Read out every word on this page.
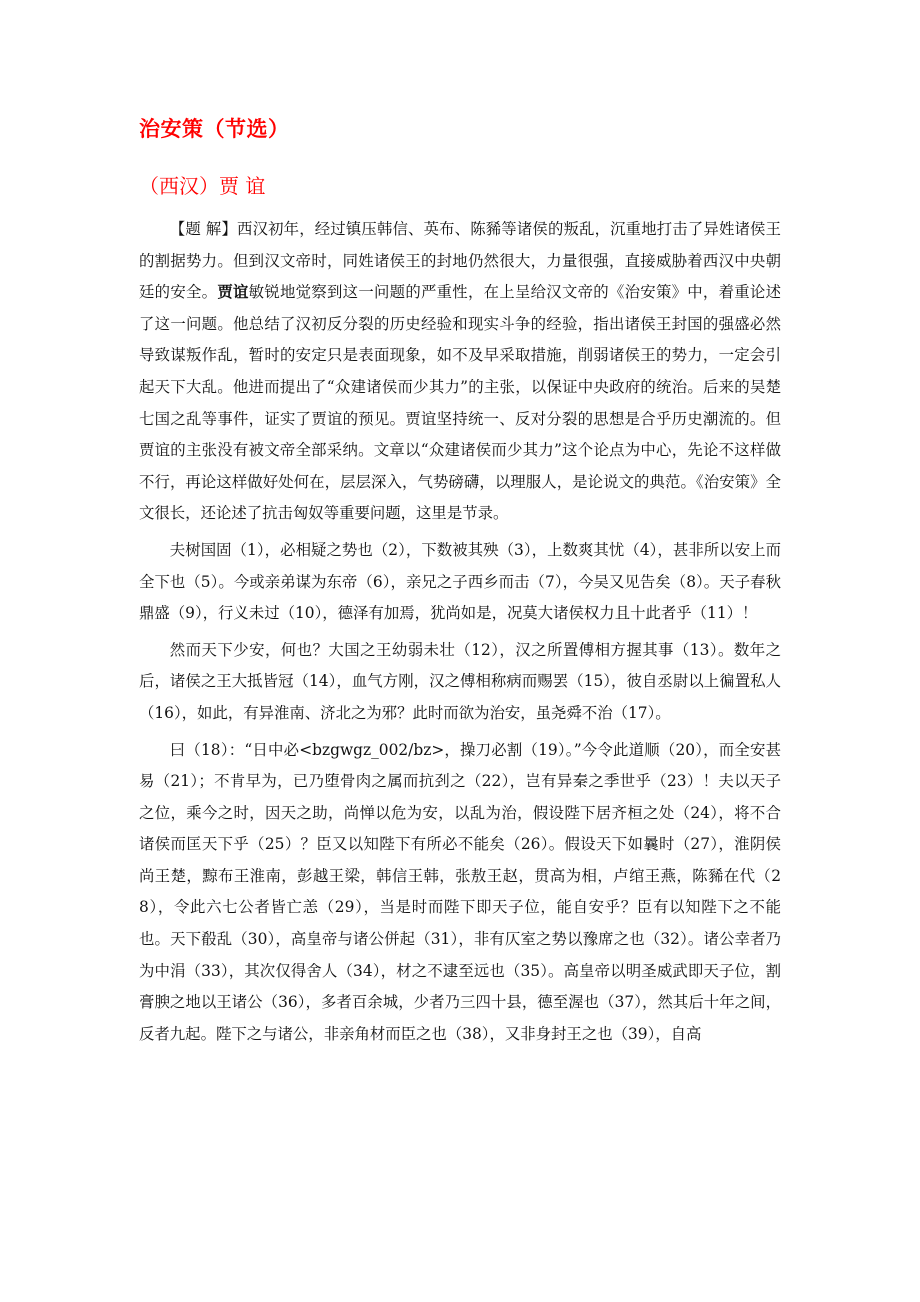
治安策（节选）
（西汉）贾 谊

【题 解】西汉初年，经过镇压韩信、英布、陈豨等诸侯的叛乱，沉重地打击了异姓诸侯王的割据势力。但到汉文帝时，同姓诸侯王的封地仍然很大，力量很强，直接威胁着西汉中央朝廷的安全。贾谊敏锐地觉察到这一问题的严重性，在上呈给汉文帝的《治安策》中，着重论述了这一问题。他总结了汉初反分裂的历史经验和现实斗争的经验，指出诸侯王封国的强盛必然导致谋叛作乱，暂时的安定只是表面现象，如不及早采取措施，削弱诸侯王的势力，一定会引起天下大乱。他进而提出了“众建诸侯而少其力”的主张，以保证中央政府的统治。后来的吴楚七国之乱等事件，证实了贾谊的预见。贾谊坚持统一、反对分裂的思想是合乎历史潮流的。但贾谊的主张没有被文帝全部采纳。文章以“众建诸侯而少其力”这个论点为中心，先论不这样做不行，再论这样做好处何在，层层深入，气势磅礴，以理服人，是论说文的典范。《治安策》全文很长，还论述了抗击匈奴等重要问题，这里是节录。

夫树国固（1），必相疑之势也（2），下数被其殃（3），上数爽其忧（4），甚非所以安上而全下也（5）。今或亲弟谋为东帝（6），亲兄之子西乡而击（7），今吴又见告矣（8）。天子春秋鼎盛（9），行义未过（10），德泽有加焉，犹尚如是，况莫大诸侯权力且十此者乎（11）！

然而天下少安，何也？大国之王幼弱未壮（12），汉之所置傅相方握其事（13）。数年之后，诸侯之王大抵皆冠（14），血气方刚，汉之傅相称病而赐罢（15），彼自丞尉以上徧置私人（16），如此，有异淮南、济北之为邪？此时而欲为治安，虽尧舜不治（17）。

曰（18）：“日中必<bzgwgz_002/bz>，操刀必割（19）。”今令此道顺（20），而全安甚易（21）；不肯早为，已乃堕骨肉之属而抗刭之（22），岂有异秦之季世乎（23）！夫以天子之位，乘今之时，因天之助，尚惮以危为安，以乱为治，假设陛下居齐桓之处（24），将不合诸侯而匡天下乎（25）？臣又以知陛下有所必不能矣（26）。假设天下如曩时（27），淮阴侯尚王楚，黥布王淮南，彭越王梁，韩信王韩，张敖王赵，贯高为相，卢绾王燕，陈豨在代（28），令此六七公者皆亡恙（29），当是时而陛下即天子位，能自安乎？臣有以知陛下之不能也。天下殽乱（30），高皇帝与诸公併起（31），非有仄室之势以豫席之也（32）。诸公幸者乃为中涓（33），其次仅得舍人（34），材之不逮至远也（35）。高皇帝以明圣威武即天子位，割膏腴之地以王诸公（36），多者百余城，少者乃三四十县，德至渥也（37），然其后十年之间，反者九起。陛下之与诸公，非亲角材而臣之也（38），又非身封王之也（39），自高
